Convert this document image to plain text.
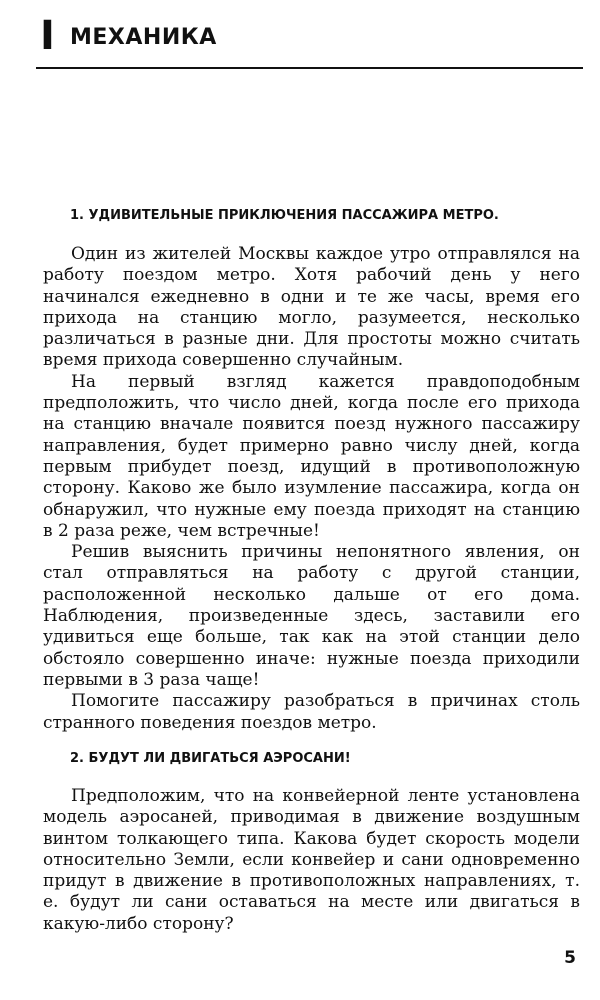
I МЕХАНИКА
1. УДИВИТЕЛЬНЫЕ ПРИКЛЮЧЕНИЯ ПАССАЖИРА МЕТРО.

Один из жителей Москвы каждое утро отправлялся на работу поездом метро. Хотя рабочий день у него начинался ежедневно в одни и те же часы, время его прихода на станцию могло, разумеется, несколько различаться в разные дни. Для простоты можно считать время прихода совершенно случайным.

На первый взгляд кажется правдоподобным предположить, что число дней, когда после его прихода на станцию вначале появится поезд нужного пассажиру направления, будет примерно равно числу дней, когда первым прибудет поезд, идущий в противоположную сторону. Каково же было изумление пассажира, когда он обнаружил, что нужные ему поезда приходят на станцию в 2 раза реже, чем встречные!

Решив выяснить причины непонятного явления, он стал отправляться на работу с другой станции, расположенной несколько дальше от его дома. Наблюдения, произведенные здесь, заставили его удивиться еще больше, так как на этой станции дело обстояло совершенно иначе: нужные поезда приходили первыми в 3 раза чаще!

Помогите пассажиру разобраться в причинах столь странного поведения поездов метро.

2. БУДУТ ЛИ ДВИГАТЬСЯ АЭРОСАНИ!

Предположим, что на конвейерной ленте установлена модель аэросаней, приводимая в движение воздушным винтом толкающего типа. Какова будет скорость модели относительно Земли, если конвейер и сани одновременно придут в движение в противоположных направлениях, т. е. будут ли сани оставаться на месте или двигаться в какую-либо сторону?

5
